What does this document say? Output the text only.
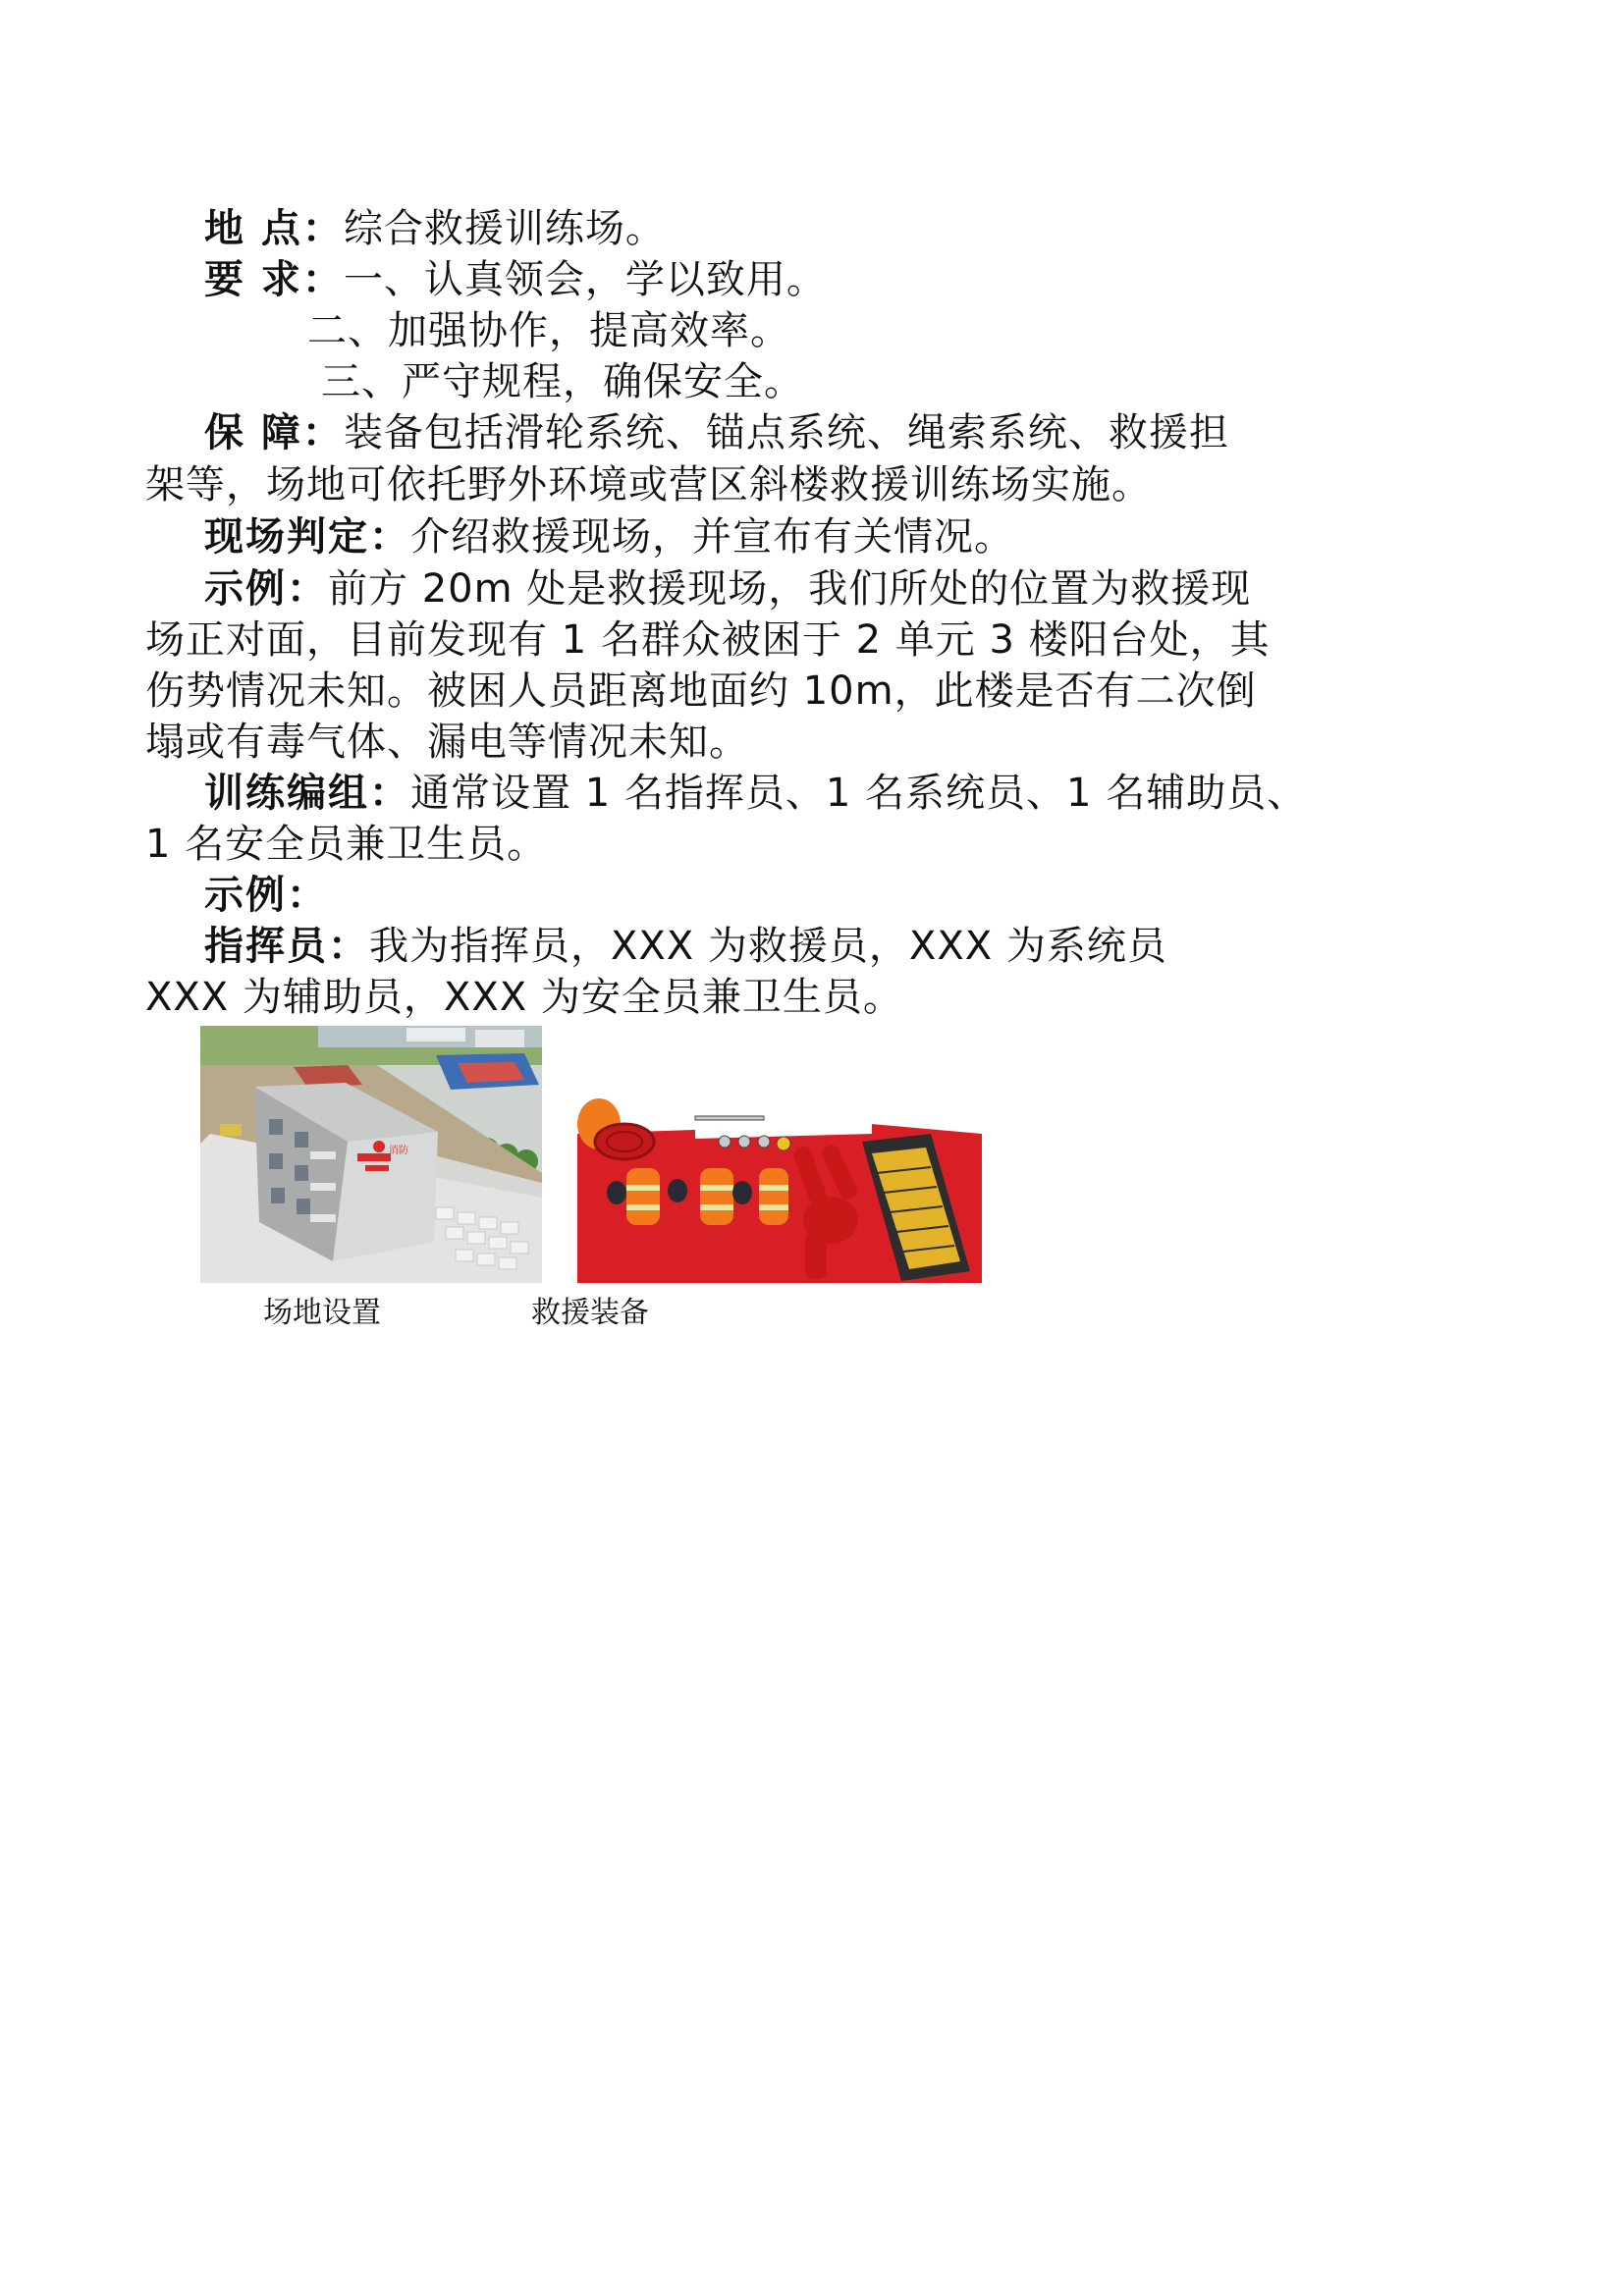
地 点：综合救援训练场。
要 求：一、认真领会，学以致用。
二、加强协作，提高效率。
三、严守规程，确保安全。
保 障：装备包括滑轮系统、锚点系统、绳索系统、救援担
架等，场地可依托野外环境或营区斜楼救援训练场实施。
现场判定：介绍救援现场，并宣布有关情况。
示例：前方 20m 处是救援现场，我们所处的位置为救援现
场正对面，目前发现有 1 名群众被困于 2 单元 3 楼阳台处，其
伤势情况未知。被困人员距离地面约 10m，此楼是否有二次倒
塌或有毒气体、漏电等情况未知。
训练编组：通常设置 1 名指挥员、1 名系统员、1 名辅助员、
1 名安全员兼卫生员。
示例：
指挥员：我为指挥员，XXX 为救援员，XXX 为系统员
XXX 为辅助员，XXX 为安全员兼卫生员。
消防
场地设置	救援装备
